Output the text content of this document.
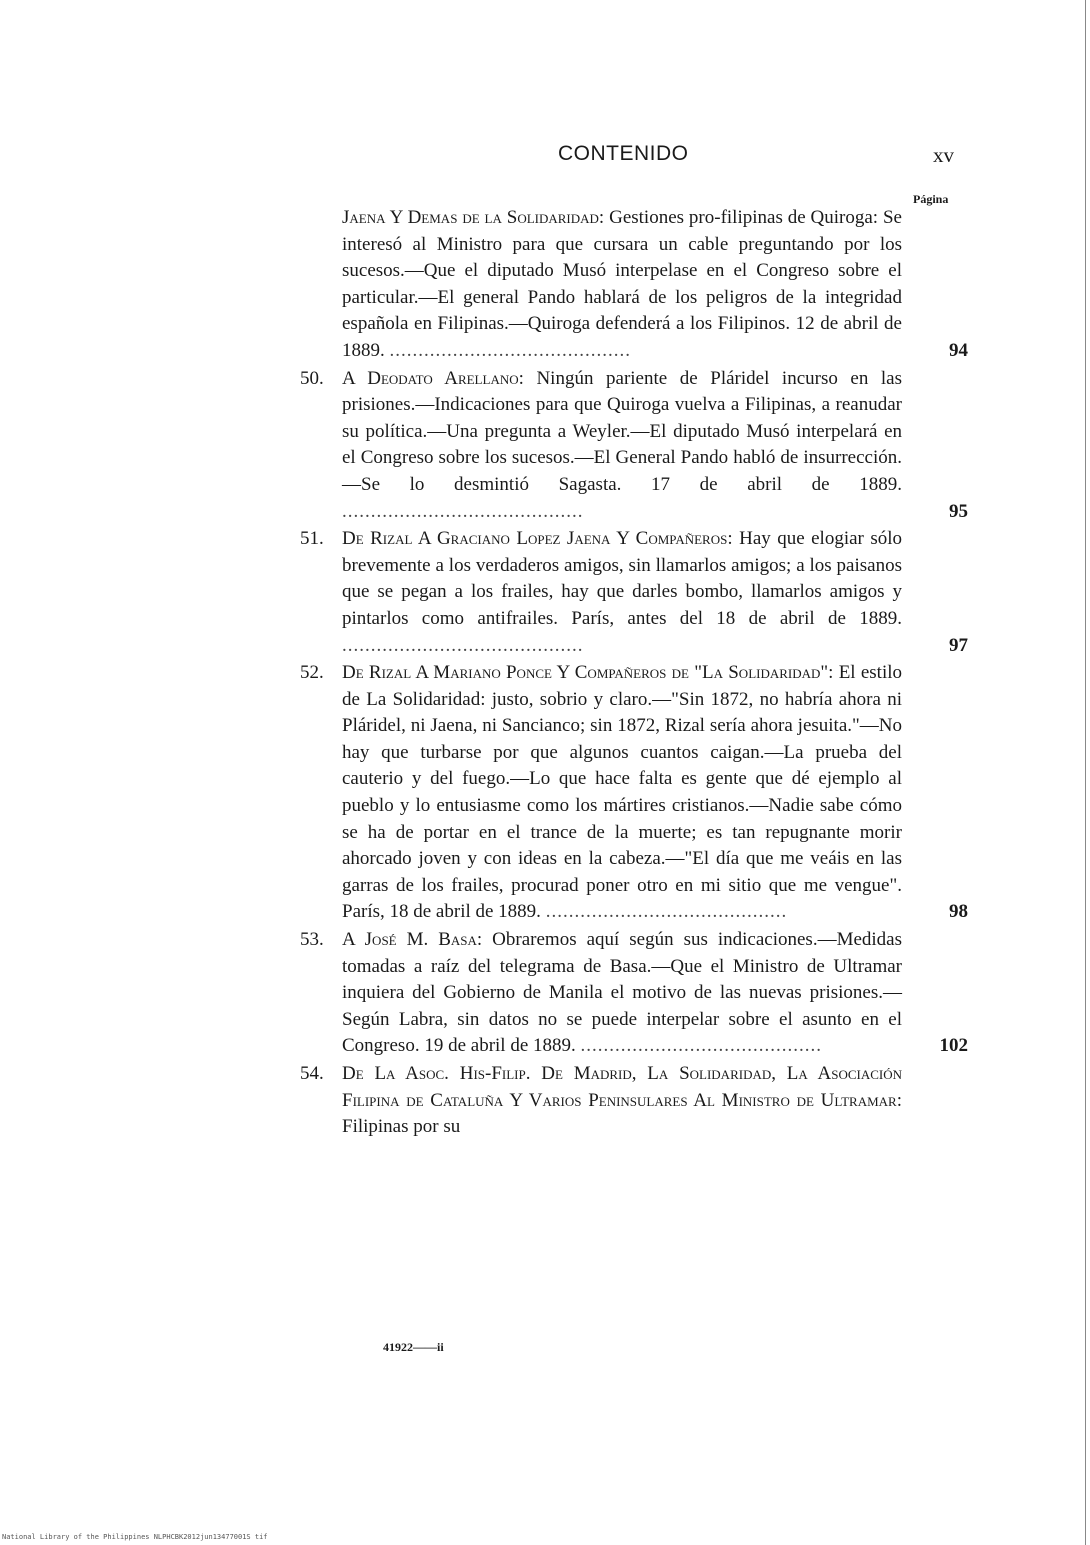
CONTENIDO	xv
Página
Jaena Y Demas de la Solidaridad: Gestiones pro-filipinas de Quiroga: Se interesó al Ministro para que cursara un cable preguntando por los sucesos.—Que el diputado Musó interpelase en el Congreso sobre el particular.—El general Pando hablará de los peligros de la integridad española en Filipinas.—Quiroga defenderá a los Filipinos. 12 de abril de 1889. ..........................................	94
50. A Deodato Arellano: Ningún pariente de Pláridel incurso en las prisiones.—Indicaciones para que Quiroga vuelva a Filipinas, a reanudar su política.—Una pregunta a Weyler.—El diputado Musó interpelará en el Congreso sobre los sucesos.—El General Pando habló de insurrección.—Se lo desmintió Sagasta. 17 de abril de 1889. ..........................................	95
51. De Rizal A Graciano Lopez Jaena Y Compañeros: Hay que elogiar sólo brevemente a los verdaderos amigos, sin llamarlos amigos; a los paisanos que se pegan a los frailes, hay que darles bombo, llamarlos amigos y pintarlos como antifrailes. París, antes del 18 de abril de 1889. ..........................................	97
52. De Rizal A Mariano Ponce Y Compañeros de "La Solidaridad": El estilo de La Solidaridad: justo, sobrio y claro.—"Sin 1872, no habría ahora ni Pláridel, ni Jaena, ni Sancianco; sin 1872, Rizal sería ahora jesuita."—No hay que turbarse por que algunos cuantos caigan.—La prueba del cauterio y del fuego.—Lo que hace falta es gente que dé ejemplo al pueblo y lo entusiasme como los mártires cristianos.—Nadie sabe cómo se ha de portar en el trance de la muerte; es tan repugnante morir ahorcado joven y con ideas en la cabeza.—"El día que me veáis en las garras de los frailes, procurad poner otro en mi sitio que me vengue". París, 18 de abril de 1889. ..........................................	98
53. A José M. Basa: Obraremos aquí según sus indicaciones.—Medidas tomadas a raíz del telegrama de Basa.—Que el Ministro de Ultramar inquiera del Gobierno de Manila el motivo de las nuevas prisiones.—Según Labra, sin datos no se puede interpelar sobre el asunto en el Congreso. 19 de abril de 1889. ..........................................	102
54. De La Asoc. His-Filip. De Madrid, La Solidaridad, La Asociación Filipina de Cataluña Y Varios Peninsulares Al Ministro de Ultramar: Filipinas por su
41922——ii
National Library of the Philippines NLPHCBK2012jun13477001S tif
